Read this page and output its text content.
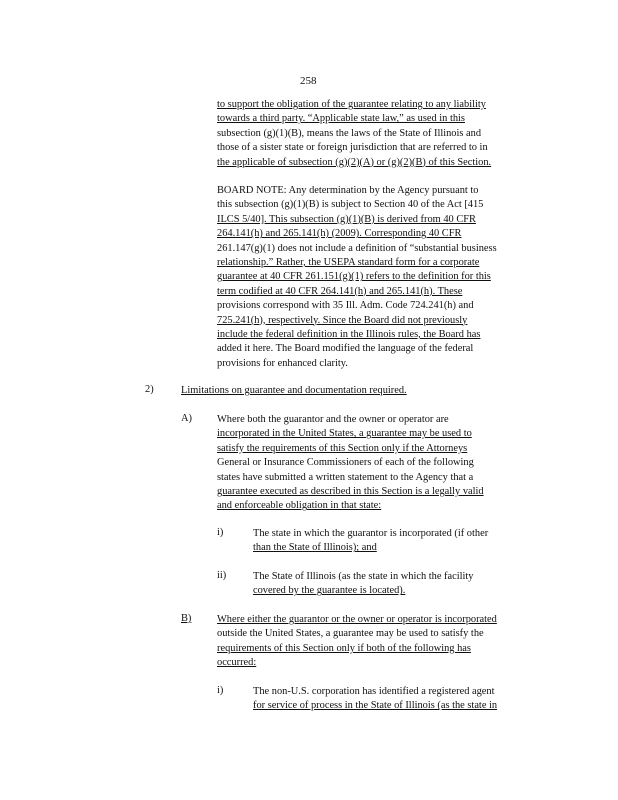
258
to support the obligation of the guarantee relating to any liability
towards a third party. “Applicable state law,” as used in this
subsection (g)(1)(B), means the laws of the State of Illinois and
those of a sister state or foreign jurisdiction that are referred to in
the applicable of subsection (g)(2)(A) or (g)(2)(B) of this Section.
BOARD NOTE: Any determination by the Agency pursuant to
this subsection (g)(1)(B) is subject to Section 40 of the Act [415
ILCS 5/40]. This subsection (g)(1)(B) is derived from 40 CFR
264.141(h) and 265.141(h) (2009). Corresponding 40 CFR
261.147(g)(1) does not include a definition of “substantial business
relationship.” Rather, the USEPA standard form for a corporate
guarantee at 40 CFR 261.151(g)(1) refers to the definition for this
term codified at 40 CFR 264.141(h) and 265.141(h). These
provisions correspond with 35 Ill. Adm. Code 724.241(h) and
725.241(h), respectively. Since the Board did not previously
include the federal definition in the Illinois rules, the Board has
added it here. The Board modified the language of the federal
provisions for enhanced clarity.
2)	Limitations on guarantee and documentation required.
A) Where both the guarantor and the owner or operator are
incorporated in the United States, a guarantee may be used to
satisfy the requirements of this Section only if the Attorneys
General or Insurance Commissioners of each of the following
states have submitted a written statement to the Agency that a
guarantee executed as described in this Section is a legally valid
and enforceable obligation in that state:
i)	The state in which the guarantor is incorporated (if other
than the State of Illinois); and
ii)	The State of Illinois (as the state in which the facility
covered by the guarantee is located).
B) Where either the guarantor or the owner or operator is incorporated
outside the United States, a guarantee may be used to satisfy the
requirements of this Section only if both of the following has
occurred:
i)	The non-U.S. corporation has identified a registered agent
for service of process in the State of Illinois (as the state in
